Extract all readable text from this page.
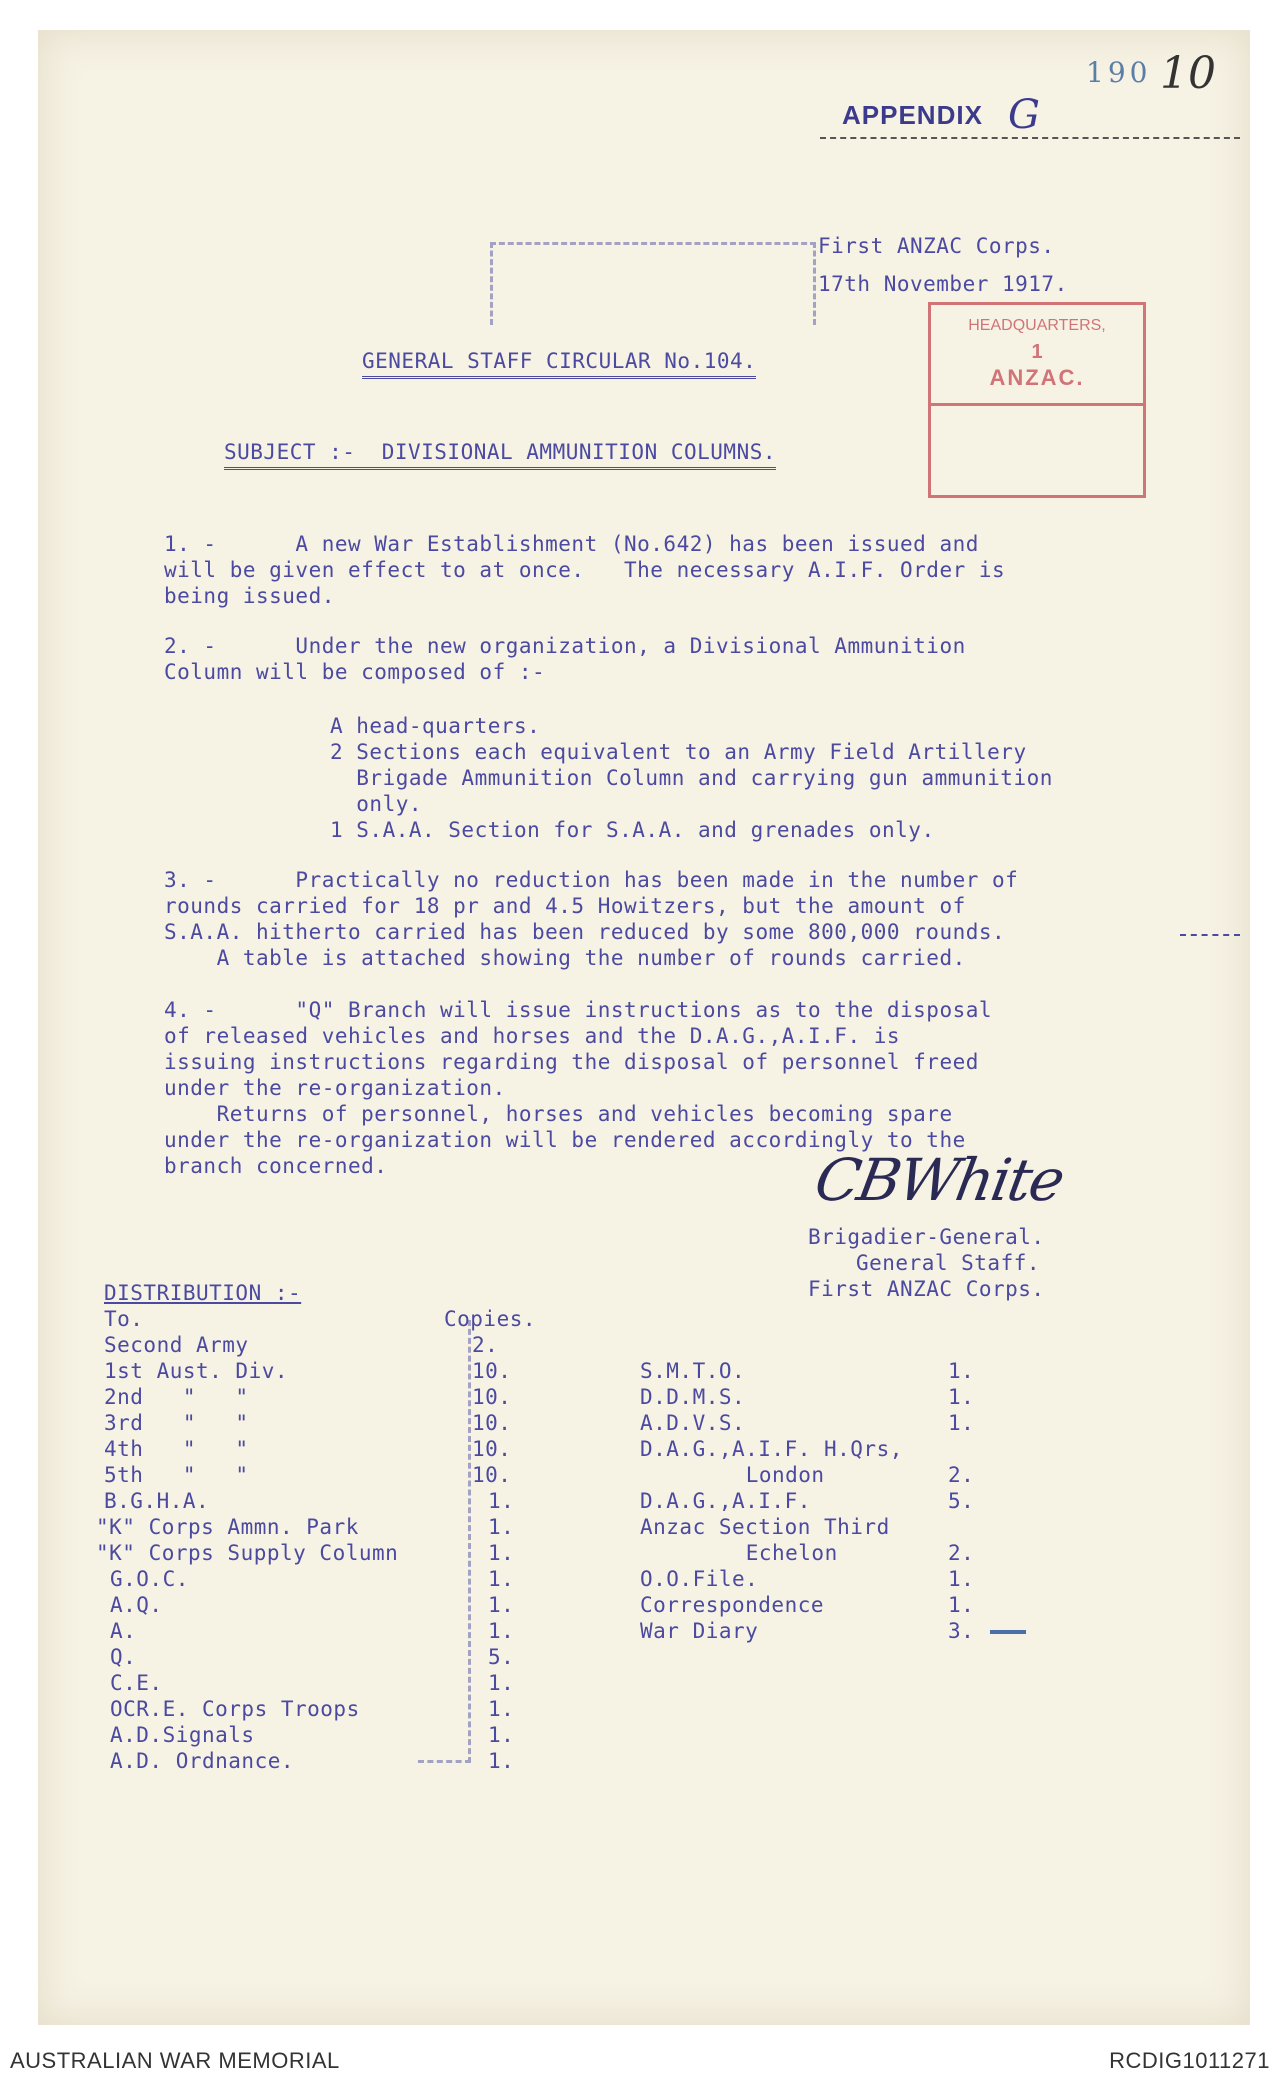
190 10
APPENDIX G
First ANZAC Corps.
17th November 1917.
HEADQUARTERS,
1
ANZAC.
GENERAL STAFF CIRCULAR No.104.
SUBJECT :-  DIVISIONAL AMMUNITION COLUMNS.
1. -      A new War Establishment (No.642) has been issued and
will be given effect to at once.   The necessary A.I.F. Order is
being issued.
2. -      Under the new organization, a Divisional Ammunition
Column will be composed of :-
A head-quarters.
2 Sections each equivalent to an Army Field Artillery
Brigade Ammunition Column and carrying gun ammunition
only.
1 S.A.A. Section for S.A.A. and grenades only.
3. -      Practically no reduction has been made in the number of
rounds carried for 18 pr and 4.5 Howitzers, but the amount of
S.A.A. hitherto carried has been reduced by some 800,000 rounds.
A table is attached showing the number of rounds carried.
4. -      "Q" Branch will issue instructions as to the disposal
of released vehicles and horses and the D.A.G.,A.I.F. is
issuing instructions regarding the disposal of personnel freed
under the re-organization.
Returns of personnel, horses and vehicles becoming spare
under the re-organization will be rendered accordingly to the
branch concerned.	CBWhite
Brigadier-General.
General Staff.
First ANZAC Corps.
DISTRIBUTION :-
To.	Copies.
Second Army	2.
1st Aust. Div.	10.
2nd   "   "	10.
3rd   "   "	10.
4th   "   "	10.
5th   "   "	10.
B.G.H.A.	1.
"K" Corps Ammn. Park	1.
"K" Corps Supply Column	1.
G.O.C.	1.
A.Q.	1.
A.	1.
Q.	5.
C.E.	1.
OCR.E. Corps Troops	1.
A.D.Signals	1.
A.D. Ordnance.	1.
S.M.T.O.	1.
D.D.M.S.	1.
A.D.V.S.	1.
D.A.G.,A.I.F. H.Qrs,
London	2.
D.A.G.,A.I.F.	5.
Anzac Section Third
Echelon	2.
O.O.File.	1.
Correspondence	1.
War Diary	3.
AUSTRALIAN WAR MEMORIAL	RCDIG1011271
